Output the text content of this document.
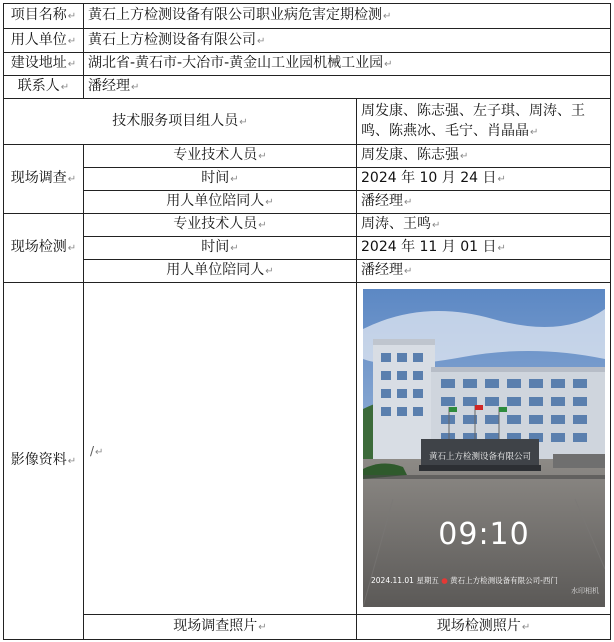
项目名称↵	黄石上方检测设备有限公司职业病危害定期检测↵	
用人单位↵	黄石上方检测设备有限公司↵	
建设地址↵	湖北省-黄石市-大冶市-黄金山工业园机械工业园↵	
联系人↵	潘经理↵	
技术服务项目组人员↵		周发康、陈志强、左子琪、周涛、王鸣、陈燕冰、毛宁、肖晶晶↵
现场调查↵	专业技术人员↵	周发康、陈志强↵
	时间↵	2024 年 10 月 24 日↵
	用人单位陪同人↵	潘经理↵
现场检测↵	专业技术人员↵	周涛、王鸣↵
	时间↵	2024 年 11 月 01 日↵
	用人单位陪同人↵	潘经理↵
影像资料↵	/↵	黄石上方检测设备有限公司
09:10
2024.11.01 星期五 ● 黄石上方检测设备有限公司-西门
水印相机

	现场调查照片↵	现场检测照片↵
